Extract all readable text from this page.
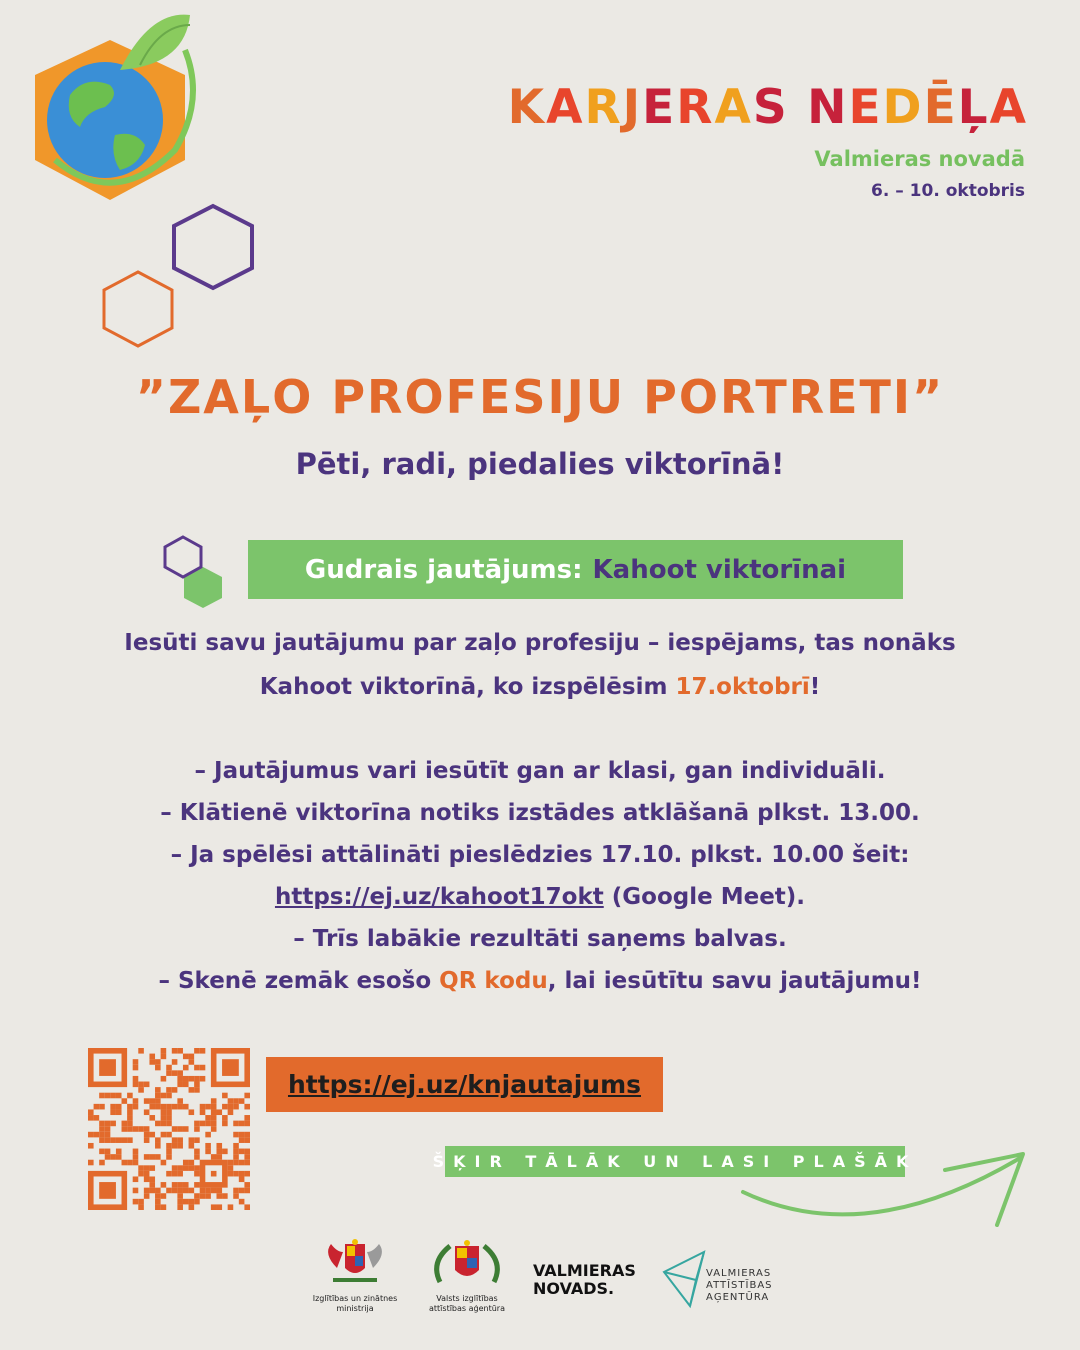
KARJERAS NEDĒĻA
Valmieras novadā
6. – 10. oktobris
”ZAĻO PROFESIJU PORTRETI”
Pēti, radi, piedalies viktorīnā!
Gudrais jautājums: Kahoot viktorīnai
Iesūti savu jautājumu par zaļo profesiju – iespējams, tas nonāks
Kahoot viktorīnā, ko izspēlēsim 17.oktobrī!
– Jautājumus vari iesūtīt gan ar klasi, gan individuāli.
– Klātienē viktorīna notiks izstādes atklāšanā plkst. 13.00.
– Ja spēlēsi attālināti pieslēdzies 17.10. plkst. 10.00 šeit:
https://ej.uz/kahoot17okt (Google Meet).
– Trīs labākie rezultāti saņems balvas.
– Skenē zemāk esošo QR kodu, lai iesūtītu savu jautājumu!
https://ej.uz/knjautajums
ŠĶIR TĀLĀK UN LASI PLAŠĀK
Izglītības un zinātnes
ministrija
Valsts izglītības
attīstības aģentūra
VALMIERAS
NOVADS.
VALMIERAS
ATTĪSTĪBAS
AĢENTŪRA
